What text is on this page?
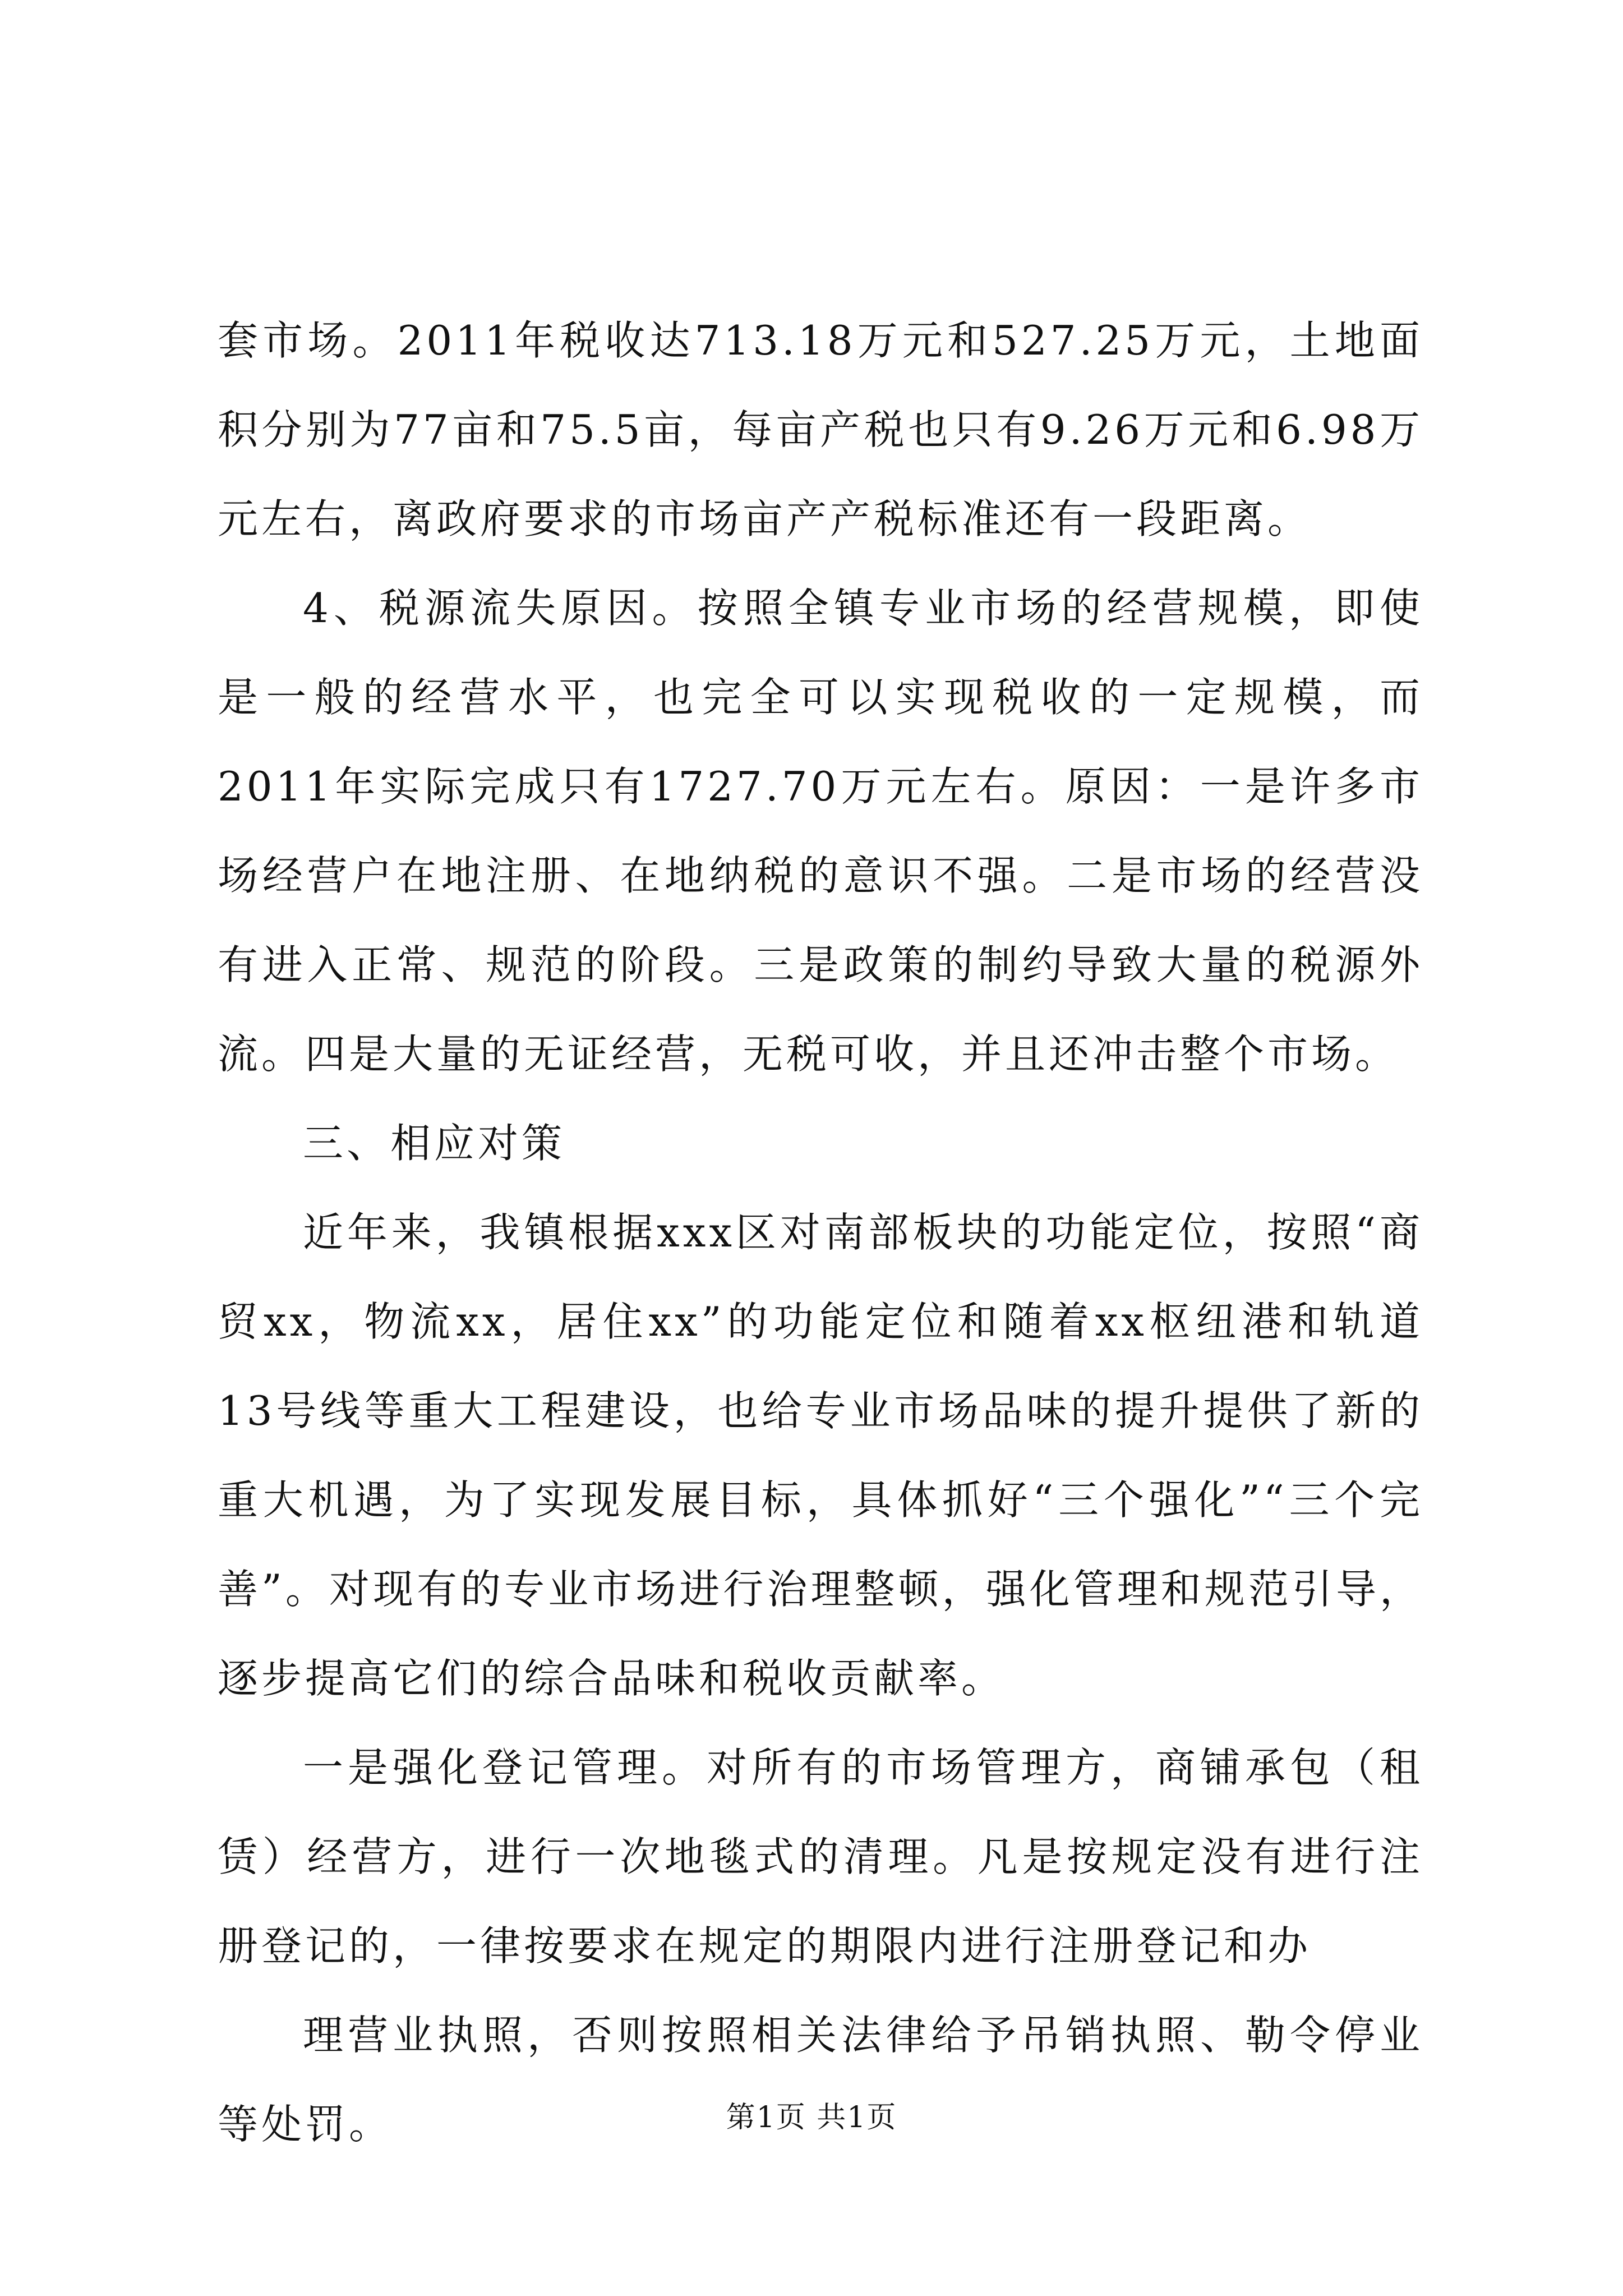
套市场。2011年税收达713.18万元和527.25万元，土地面积分别为77亩和75.5亩，每亩产税也只有9.26万元和6.98万元左右，离政府要求的市场亩产产税标准还有一段距离。

4、税源流失原因。按照全镇专业市场的经营规模，即使是一般的经营水平，也完全可以实现税收的一定规模，而2011年实际完成只有1727.70万元左右。原因：一是许多市场经营户在地注册、在地纳税的意识不强。二是市场的经营没有进入正常、规范的阶段。三是政策的制约导致大量的税源外流。四是大量的无证经营，无税可收，并且还冲击整个市场。

三、相应对策

近年来，我镇根据xxx区对南部板块的功能定位，按照“商贸xx，物流xx，居住xx”的功能定位和随着xx枢纽港和轨道13号线等重大工程建设，也给专业市场品味的提升提供了新的重大机遇，为了实现发展目标，具体抓好“三个强化”“三个完善”。对现有的专业市场进行治理整顿，强化管理和规范引导，逐步提高它们的综合品味和税收贡献率。

一是强化登记管理。对所有的市场管理方，商铺承包（租赁）经营方，进行一次地毯式的清理。凡是按规定没有进行注册登记的，一律按要求在规定的期限内进行注册登记和办

理营业执照，否则按照相关法律给予吊销执照、勒令停业等处罚。	第1页 共1页
